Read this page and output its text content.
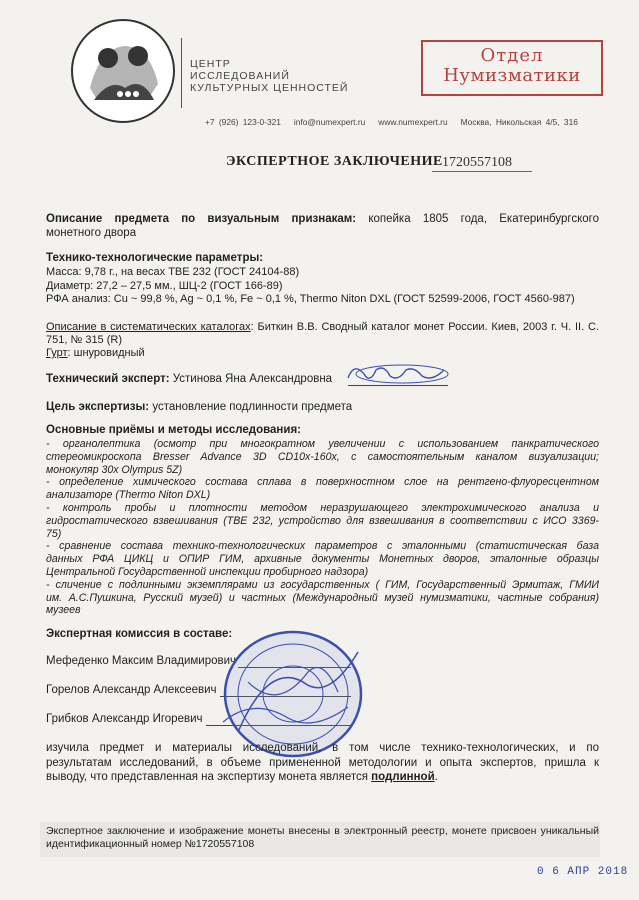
ЦЕНТР
ИССЛЕДОВАНИЙ
КУЛЬТУРНЫХ ЦЕННОСТЕЙ
Отдел
Нумизматики
+7 (926) 123-0-321 info@numexpert.ru www.numexpert.ru Москва, Никольская 4/5, 316
ЭКСПЕРТНОЕ ЗАКЛЮЧЕНИЕ 1720557108
Описание предмета по визуальным признакам: копейка 1805 года, Екатеринбургского
монетного двора
Технико-технологические параметры:
Масса: 9,78 г., на весах ТВЕ 232 (ГОСТ 24104-88)
Диаметр: 27,2 – 27,5 мм., ШЦ-2 (ГОСТ 166-89)
РФА анализ: Cu ~ 99,8 %, Ag ~ 0,1 %, Fe ~ 0,1 %, Thermo Niton DXL (ГОСТ 52599-2006, ГОСТ 4560-987)
Описание в систематических каталогах: Биткин В.В. Сводный каталог монет России. Киев, 2003 г. Ч. II. С.
751, № 315 (R)
Гурт: шнуровидный
Технический эксперт: Устинова Яна Александровна
Цель экспертизы: установление подлинности предмета
Основные приёмы и методы исследования:
- органолептика (осмотр при многократном увеличении с использованием панкратического
стереомикроскопа Bresser Advance 3D CD10x-160x, с самостоятельным каналом визуализации;
монокуляр 30x Olympus 5Z)
- определение химического состава сплава в поверхностном слое на рентгено-флуоресцентном
анализаторе (Thermo Niton DXL)
- контроль пробы и плотности методом неразрушающего электрохимического анализа и
гидростатического взвешивания (ТВЕ 232, устройство для взвешивания в соответствии с ИСО 3369-
75)
- сравнение состава технико-технологических параметров с эталонными (статистическая база
данных РФА ЦИКЦ и ОПИР ГИМ, архивные документы Монетных дворов, эталонные образцы
Центральной Государственной инспекции пробирного надзора)
- сличение с подлинными экземплярами из государственных ( ГИМ, Государственный Эрмитаж, ГМИИ
им. А.С.Пушкина, Русский музей) и частных (Международный музей нумизматики, частные собрания)
музеев
Экспертная комиссия в составе:
Мефеденко Максим Владимирович
Горелов Александр Алексеевич
Грибков Александр Игоревич
изучила предмет и материалы исследований, в том числе технико-технологических, и по
результатам исследований, в объеме примененной методологии и опыта экспертов, пришла к
выводу, что представленная на экспертизу монета является подлинной.
Экспертное заключение и изображение монеты внесены в электронный реестр, монете присвоен уникальный
идентификационный номер №1720557108
0 6 АПР 2018
